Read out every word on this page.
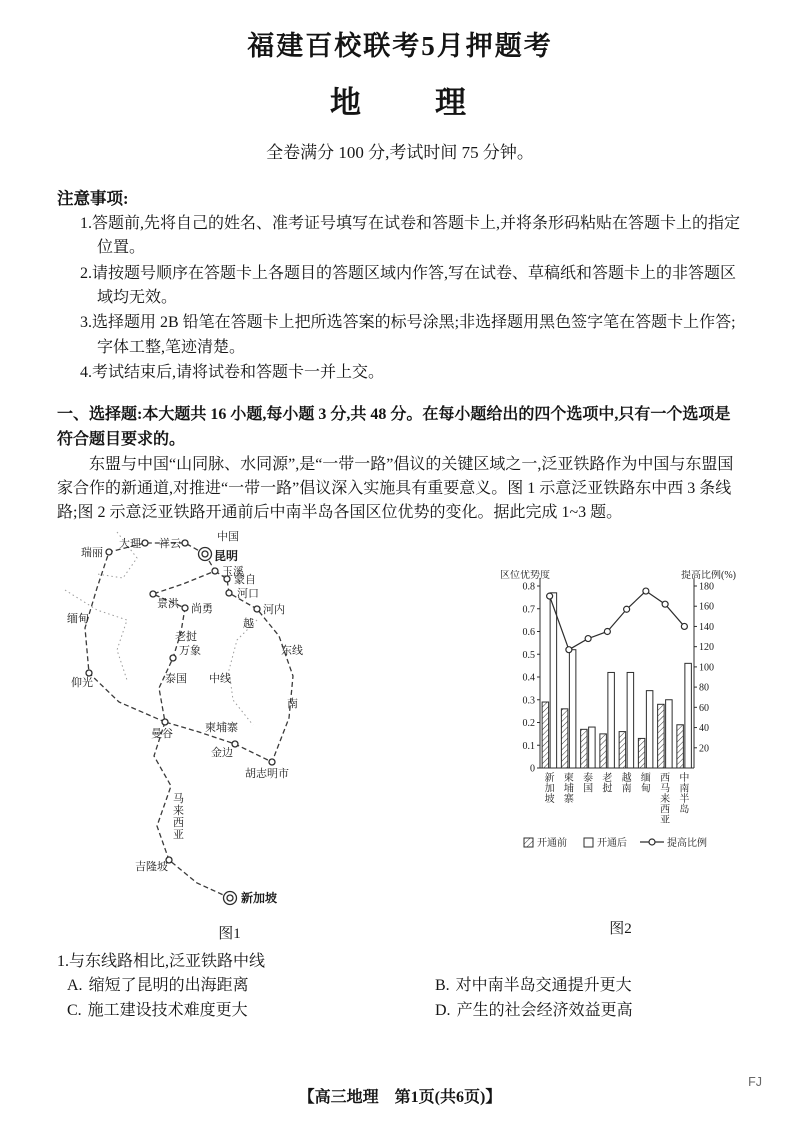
福建百校联考5月押题考
地　　理
全卷满分 100 分,考试时间 75 分钟。
注意事项:
1.答题前,先将自己的姓名、准考证号填写在试卷和答题卡上,并将条形码粘贴在答题卡上的指定位置。
2.请按题号顺序在答题卡上各题目的答题区域内作答,写在试卷、草稿纸和答题卡上的非答题区域均无效。
3.选择题用 2B 铅笔在答题卡上把所选答案的标号涂黑;非选择题用黑色签字笔在答题卡上作答;字体工整,笔迹清楚。
4.考试结束后,请将试卷和答题卡一并上交。
一、选择题:本大题共 16 小题,每小题 3 分,共 48 分。在每小题给出的四个选项中,只有一个选项是符合题目要求的。
东盟与中国“山同脉、水同源”,是“一带一路”倡议的关键区域之一,泛亚铁路作为中国与东盟国家合作的新通道,对推进“一带一路”倡议深入实施具有重要意义。图 1 示意泛亚铁路东中西 3 条线路;图 2 示意泛亚铁路开通前后中南半岛各国区位优势的变化。据此完成 1~3 题。
中国
大理 祥云
瑞丽	昆明
玉溪
蒙自
河口
景洪 尚勇	河内
越
缅甸
老挝
万象	东线
仰光	泰国 中线
南
曼谷	柬埔寨
金边
胡志明市
马来西亚
吉隆坡
新加坡
图1
0
0.1
0.2
0.3
0.4
0.5
0.6
0.7
0.8
20
40
60
80
100
120
140
160
180
区位优势度	提高比例(%)
新加坡
柬埔寨
泰国
老挝
越南
缅甸
西马来西亚
中南半岛
开通前	开通后	提高比例
图2
1.与东线路相比,泛亚铁路中线
A. 缩短了昆明的出海距离	B. 对中南半岛交通提升更大
C. 施工建设技术难度更大	D. 产生的社会经济效益更高
【高三地理　第1页(共6页)】
FJ
